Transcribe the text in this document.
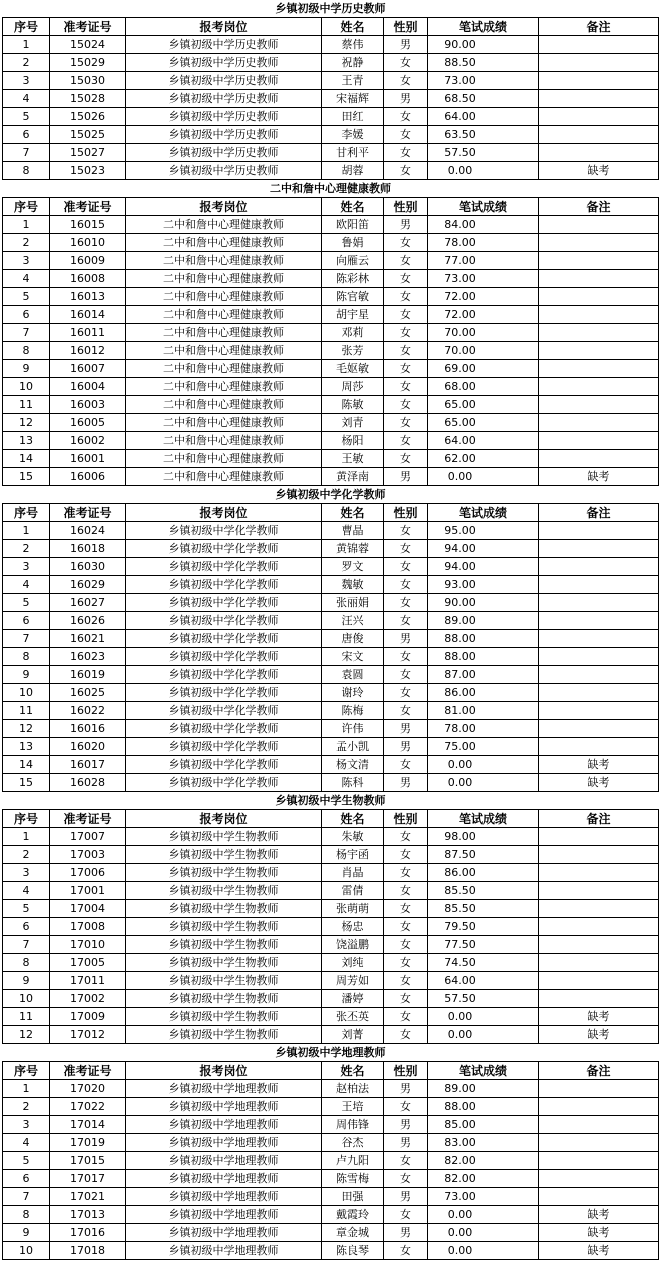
乡镇初级中学历史教师						
序号	准考证号	报考岗位	姓名	性别	笔试成绩	备注
1	15024	乡镇初级中学历史教师	蔡伟	男	90.00	
2	15029	乡镇初级中学历史教师	祝静	女	88.50	
3	15030	乡镇初级中学历史教师	王青	女	73.00	
4	15028	乡镇初级中学历史教师	宋福辉	男	68.50	
5	15026	乡镇初级中学历史教师	田红	女	64.00	
6	15025	乡镇初级中学历史教师	李媛	女	63.50	
7	15027	乡镇初级中学历史教师	甘利平	女	57.50	
8	15023	乡镇初级中学历史教师	胡蓉	女	0.00	缺考
二中和詹中心理健康教师						
序号	准考证号	报考岗位	姓名	性别	笔试成绩	备注
1	16015	二中和詹中心理健康教师	欧阳笛	男	84.00	
2	16010	二中和詹中心理健康教师	鲁娟	女	78.00	
3	16009	二中和詹中心理健康教师	向雁云	女	77.00	
4	16008	二中和詹中心理健康教师	陈彩林	女	73.00	
5	16013	二中和詹中心理健康教师	陈官敏	女	72.00	
6	16014	二中和詹中心理健康教师	胡宇星	女	72.00	
7	16011	二中和詹中心理健康教师	邓莉	女	70.00	
8	16012	二中和詹中心理健康教师	张芳	女	70.00	
9	16007	二中和詹中心理健康教师	毛妪敏	女	69.00	
10	16004	二中和詹中心理健康教师	周莎	女	68.00	
11	16003	二中和詹中心理健康教师	陈敏	女	65.00	
12	16005	二中和詹中心理健康教师	刘青	女	65.00	
13	16002	二中和詹中心理健康教师	杨阳	女	64.00	
14	16001	二中和詹中心理健康教师	王敏	女	62.00	
15	16006	二中和詹中心理健康教师	黄泽南	男	0.00	缺考
乡镇初级中学化学教师						
序号	准考证号	报考岗位	姓名	性别	笔试成绩	备注
1	16024	乡镇初级中学化学教师	曹晶	女	95.00	
2	16018	乡镇初级中学化学教师	黄锦蓉	女	94.00	
3	16030	乡镇初级中学化学教师	罗文	女	94.00	
4	16029	乡镇初级中学化学教师	魏敏	女	93.00	
5	16027	乡镇初级中学化学教师	张丽娟	女	90.00	
6	16026	乡镇初级中学化学教师	汪兴	女	89.00	
7	16021	乡镇初级中学化学教师	唐俊	男	88.00	
8	16023	乡镇初级中学化学教师	宋文	女	88.00	
9	16019	乡镇初级中学化学教师	袁圆	女	87.00	
10	16025	乡镇初级中学化学教师	谢玲	女	86.00	
11	16022	乡镇初级中学化学教师	陈梅	女	81.00	
12	16016	乡镇初级中学化学教师	许伟	男	78.00	
13	16020	乡镇初级中学化学教师	孟小凯	男	75.00	
14	16017	乡镇初级中学化学教师	杨文清	女	0.00	缺考
15	16028	乡镇初级中学化学教师	陈科	男	0.00	缺考
乡镇初级中学生物教师						
序号	准考证号	报考岗位	姓名	性别	笔试成绩	备注
1	17007	乡镇初级中学生物教师	朱敏	女	98.00	
2	17003	乡镇初级中学生物教师	杨宇函	女	87.50	
3	17006	乡镇初级中学生物教师	肖晶	女	86.00	
4	17001	乡镇初级中学生物教师	雷倩	女	85.50	
5	17004	乡镇初级中学生物教师	张萌萌	女	85.50	
6	17008	乡镇初级中学生物教师	杨忠	女	79.50	
7	17010	乡镇初级中学生物教师	饶溢鹏	女	77.50	
8	17005	乡镇初级中学生物教师	刘纯	女	74.50	
9	17011	乡镇初级中学生物教师	周芳如	女	64.00	
10	17002	乡镇初级中学生物教师	潘婷	女	57.50	
11	17009	乡镇初级中学生物教师	张丕英	女	0.00	缺考
12	17012	乡镇初级中学生物教师	刘菁	女	0.00	缺考
乡镇初级中学地理教师						
序号	准考证号	报考岗位	姓名	性别	笔试成绩	备注
1	17020	乡镇初级中学地理教师	赵柏法	男	89.00	
2	17022	乡镇初级中学地理教师	王培	女	88.00	
3	17014	乡镇初级中学地理教师	周伟锋	男	85.00	
4	17019	乡镇初级中学地理教师	谷杰	男	83.00	
5	17015	乡镇初级中学地理教师	卢九阳	女	82.00	
6	17017	乡镇初级中学地理教师	陈雪梅	女	82.00	
7	17021	乡镇初级中学地理教师	田强	男	73.00	
8	17013	乡镇初级中学地理教师	戴霞玲	女	0.00	缺考
9	17016	乡镇初级中学地理教师	章金城	男	0.00	缺考
10	17018	乡镇初级中学地理教师	陈良琴	女	0.00	缺考
